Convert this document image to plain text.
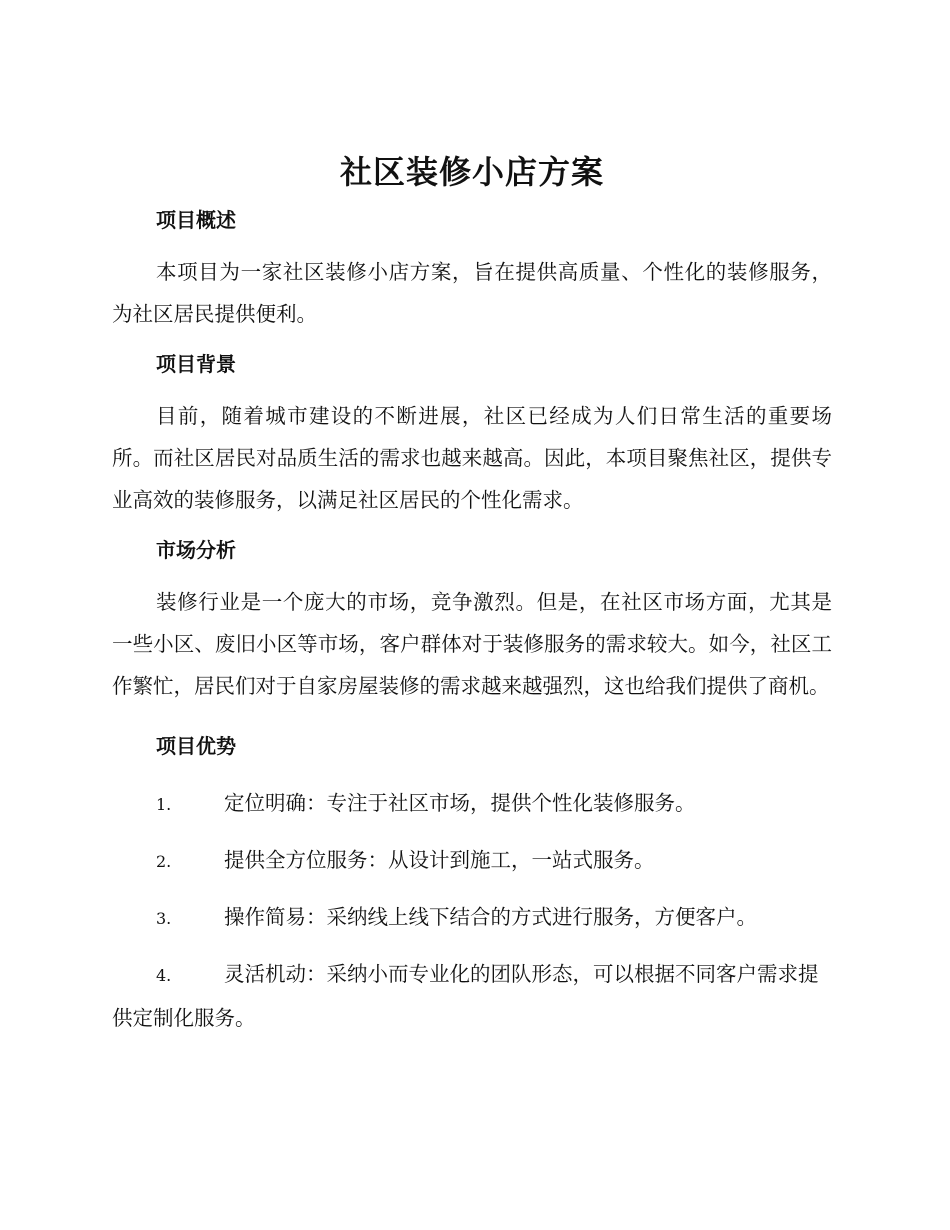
社区装修小店方案
项目概述

本项目为一家社区装修小店方案，旨在提供高质量、个性化的装修服务，为社区居民提供便利。

项目背景

目前，随着城市建设的不断进展，社区已经成为人们日常生活的重要场所。而社区居民对品质生活的需求也越来越高。因此，本项目聚焦社区，提供专业高效的装修服务，以满足社区居民的个性化需求。

市场分析

装修行业是一个庞大的市场，竞争激烈。但是，在社区市场方面，尤其是一些小区、废旧小区等市场，客户群体对于装修服务的需求较大。如今，社区工作繁忙，居民们对于自家房屋装修的需求越来越强烈，这也给我们提供了商机。

项目优势

1.	定位明确：专注于社区市场，提供个性化装修服务。

2.	提供全方位服务：从设计到施工，一站式服务。

3.	操作简易：采纳线上线下结合的方式进行服务，方便客户。

4.	灵活机动：采纳小而专业化的团队形态，可以根据不同客户需求提供定制化服务。
